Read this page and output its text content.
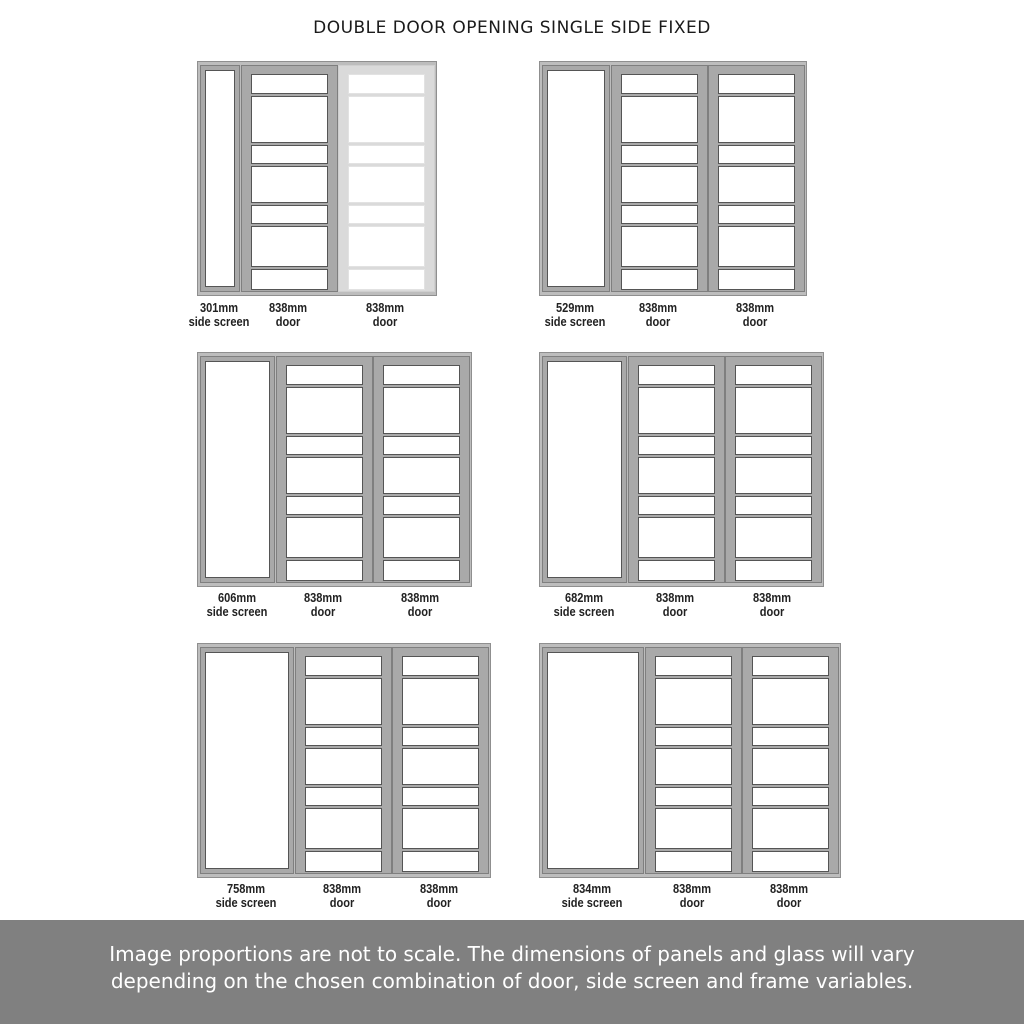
DOUBLE DOOR OPENING SINGLE SIDE FIXED
301mm
side screen
838mm
door
838mm
door
529mm
side screen
838mm
door
838mm
door
606mm
side screen
838mm
door
838mm
door
682mm
side screen
838mm
door
838mm
door
758mm
side screen
838mm
door
838mm
door
834mm
side screen
838mm
door
838mm
door
Image proportions are not to scale. The dimensions of panels and glass will vary
depending on the chosen combination of door, side screen and frame variables.
